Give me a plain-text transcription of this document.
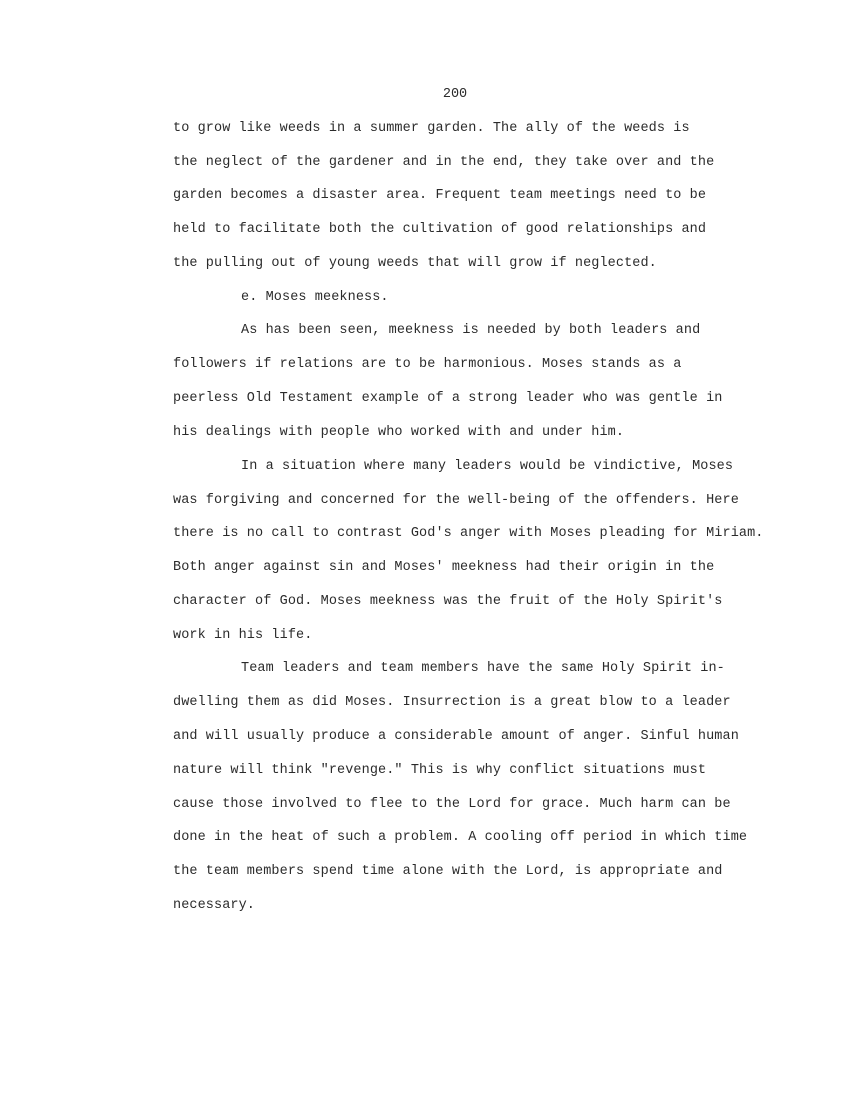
200
to grow like weeds in a summer garden. The ally of the weeds is
the neglect of the gardener and in the end, they take over and the
garden becomes a disaster area. Frequent team meetings need to be
held to facilitate both the cultivation of good relationships and
the pulling out of young weeds that will grow if neglected.
e. Moses meekness.
As has been seen, meekness is needed by both leaders and
followers if relations are to be harmonious. Moses stands as a
peerless Old Testament example of a strong leader who was gentle in
his dealings with people who worked with and under him.
In a situation where many leaders would be vindictive, Moses
was forgiving and concerned for the well-being of the offenders. Here
there is no call to contrast God's anger with Moses pleading for Miriam.
Both anger against sin and Moses' meekness had their origin in the
character of God. Moses meekness was the fruit of the Holy Spirit's
work in his life.
Team leaders and team members have the same Holy Spirit in-
dwelling them as did Moses. Insurrection is a great blow to a leader
and will usually produce a considerable amount of anger. Sinful human
nature will think "revenge." This is why conflict situations must
cause those involved to flee to the Lord for grace. Much harm can be
done in the heat of such a problem. A cooling off period in which time
the team members spend time alone with the Lord, is appropriate and
necessary.
